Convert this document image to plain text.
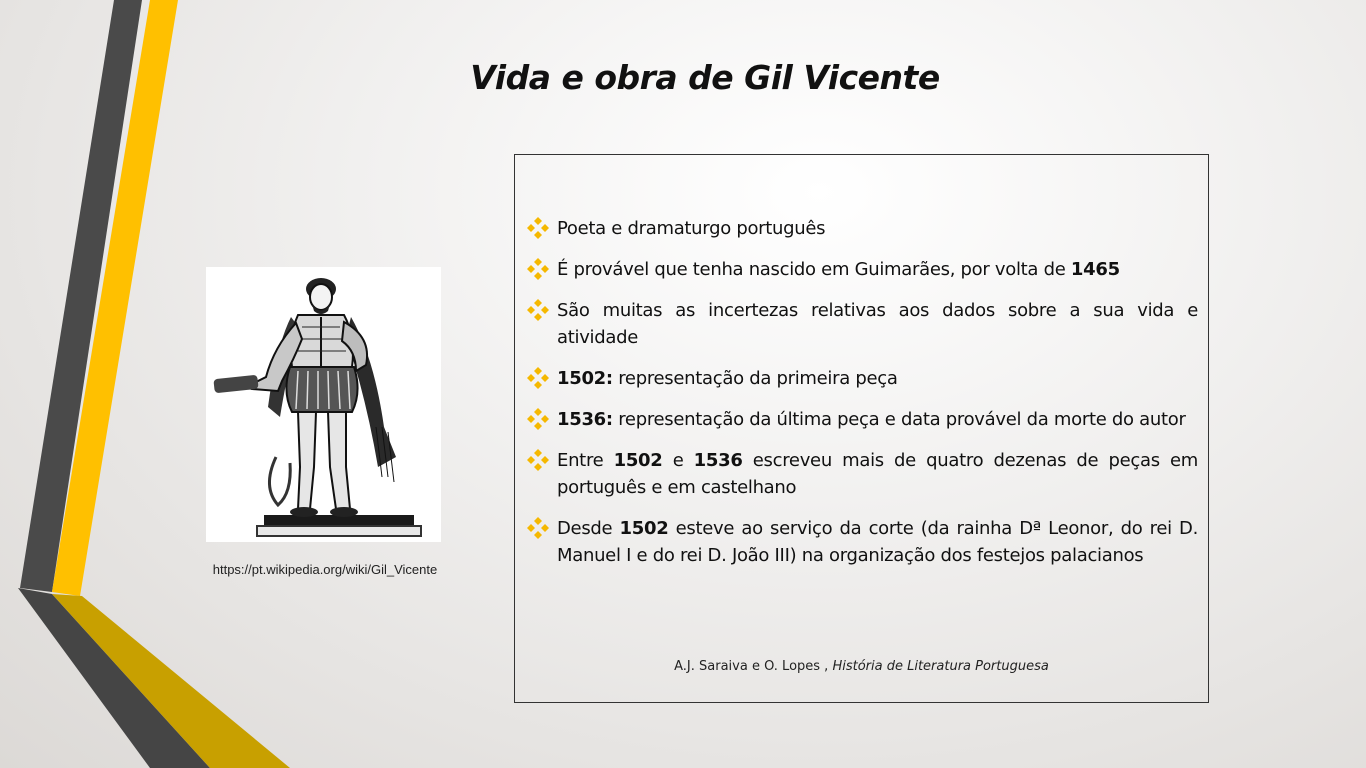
Vida e obra de Gil Vicente
https://pt.wikipedia.org/wiki/Gil_Vicente
Poeta e dramaturgo português
É provável que tenha nascido em Guimarães, por volta de 1465
São muitas as incertezas relativas aos dados sobre a sua vida e atividade
1502: representação da primeira peça
1536: representação da última peça e data provável da morte do autor
Entre 1502 e 1536 escreveu mais de quatro dezenas de peças em português e em castelhano
Desde 1502 esteve ao serviço da corte (da rainha Dª Leonor, do rei D. Manuel I e do rei D. João III) na organização dos festejos palacianos
A.J. Saraiva e O. Lopes , História de Literatura Portuguesa
